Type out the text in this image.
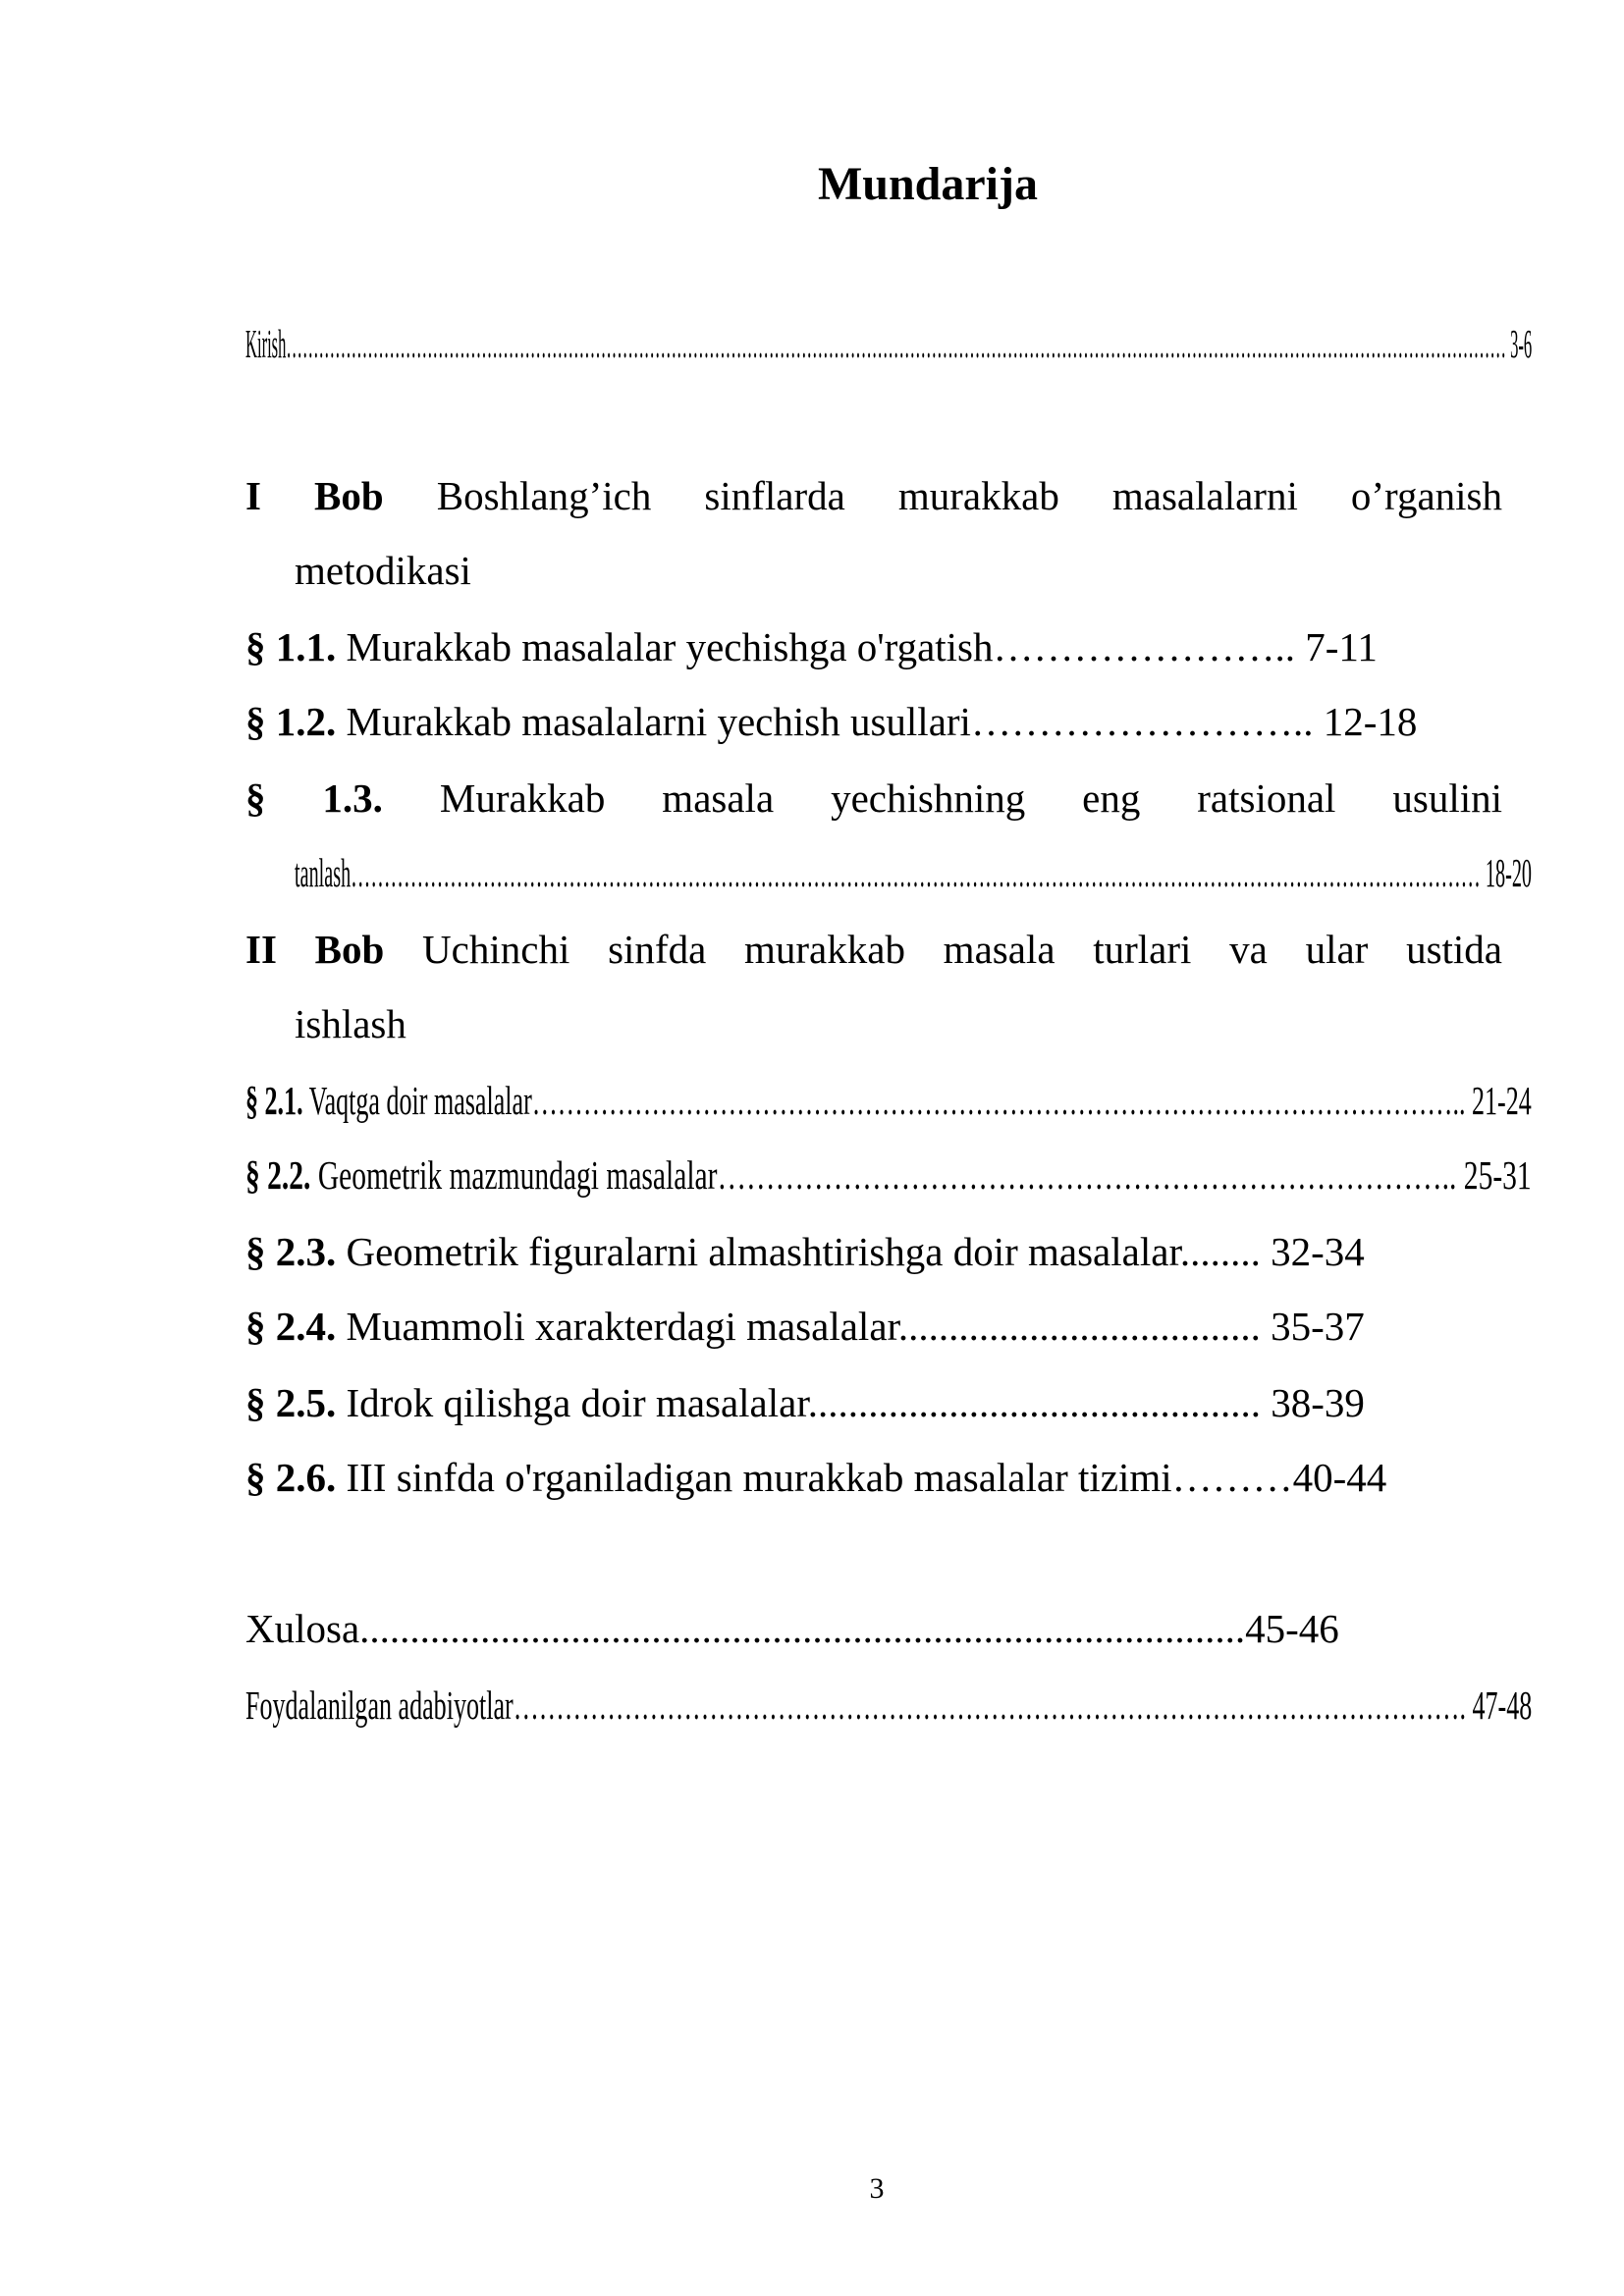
Mundarija
Kirish……………………………………………………………………………………………………………………………………………………………………………………………………… 3-6
I Bob Boshlang’ich sinflarda murakkab masalalarni o’rganish
metodikasi
§ 1.1. Murakkab masalalar yechishga o'rgatish………………….. 7-11
§ 1.2. Murakkab masalalarni yechish usullari…………………….. 12-18
§ 1.3. Murakkab masala yechishning eng ratsional usulini
tanlash……………………………………………………………………………………………………………………………………………………… 18-20
II Bob Uchinchi sinfda murakkab masala turlari va ular ustida
ishlash
§ 2.1. Vaqtga doir masalalar……………………………………………………………………………………………….. 21-24
§ 2.2. Geometrik mazmundagi masalalar………………………………………………………………….. 25-31
§ 2.3. Geometrik figuralarni almashtirishga doir masalalar........ 32-34
§ 2.4. Muammoli xarakterdagi masalalar.................................... 35-37
§ 2.5. Idrok qilishga doir masalalar............................................. 38-39
§ 2.6. III sinfda o'rganiladigan murakkab masalalar tizimi………40-44
Xulosa........................................................................................45-46
Foydalanilgan adabiyotlar…………………………………………………………………………………………………. 47-48
3
